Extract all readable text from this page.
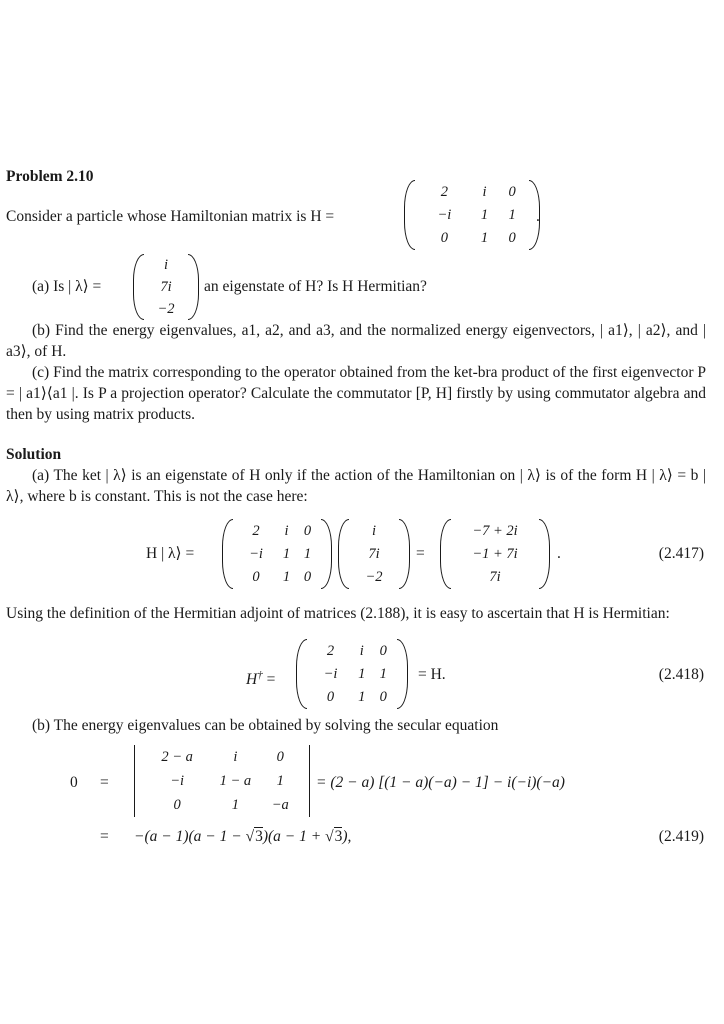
Problem 2.10
Consider a particle whose Hamiltonian matrix is H =
2	i	0
−i	1	1
0	1	0
.
(a) Is | λ⟩ =
i
7i
−2
an eigenstate of H? Is H Hermitian?
(b) Find the energy eigenvalues, a1, a2, and a3, and the normalized energy eigenvectors, | a1⟩, | a2⟩, and | a3⟩, of H.
(c) Find the matrix corresponding to the operator obtained from the ket-bra product of the first eigenvector P = | a1⟩⟨a1 |. Is P a projection operator? Calculate the commutator [P, H] firstly by using commutator algebra and then by using matrix products.
Solution
(a) The ket | λ⟩ is an eigenstate of H only if the action of the Hamiltonian on | λ⟩ is of the form H | λ⟩ = b | λ⟩, where b is constant. This is not the case here:
H | λ⟩ =
2	i	0
−i	1	1
0	1	0
i
7i
−2
=
−7 + 2i
−1 + 7i
7i
.	(2.417)
Using the definition of the Hermitian adjoint of matrices (2.188), it is easy to ascertain that H is Hermitian:
H† =
2	i	0
−i	1	1
0	1	0
= H.	(2.418)
(b) The energy eigenvalues can be obtained by solving the secular equation
0 =
2 − a	i	0
−i	1 − a	1
0	1	−a
= (2 − a) [(1 − a)(−a) − 1] − i(−i)(−a)
= −(a − 1)(a − 1 − √3)(a − 1 + √3),	(2.419)
